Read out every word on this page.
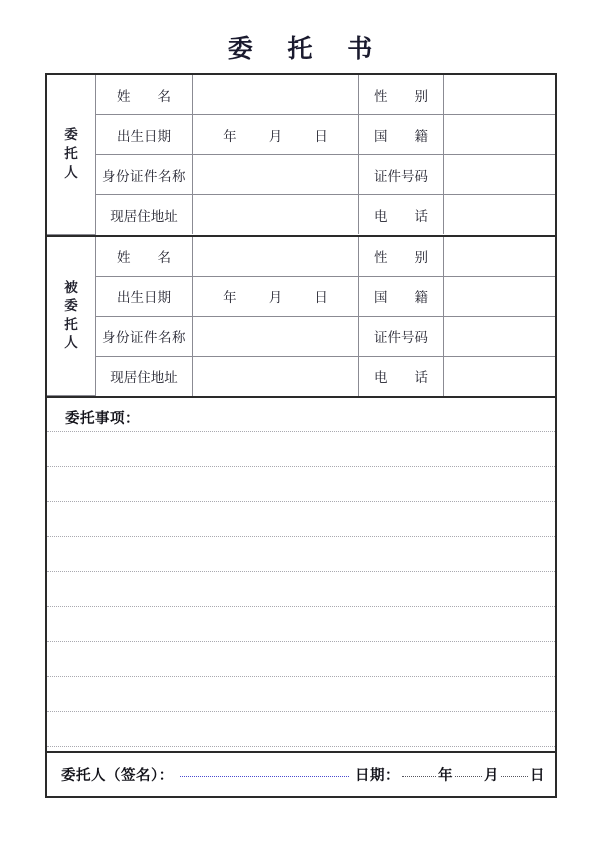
委 托 书
委
托
人	姓　　名		性　　别	
	出生日期	年 月 日	国　　籍	
	身份证件名称		证件号码	
	现居住地址		电　　话	
被
委
托
人	姓　　名		性　　别	
	出生日期	年 月 日	国　　籍	
	身份证件名称		证件号码	
	现居住地址		电　　话	
委托事项：
委托人（签名）：	日期：	年 月 日
